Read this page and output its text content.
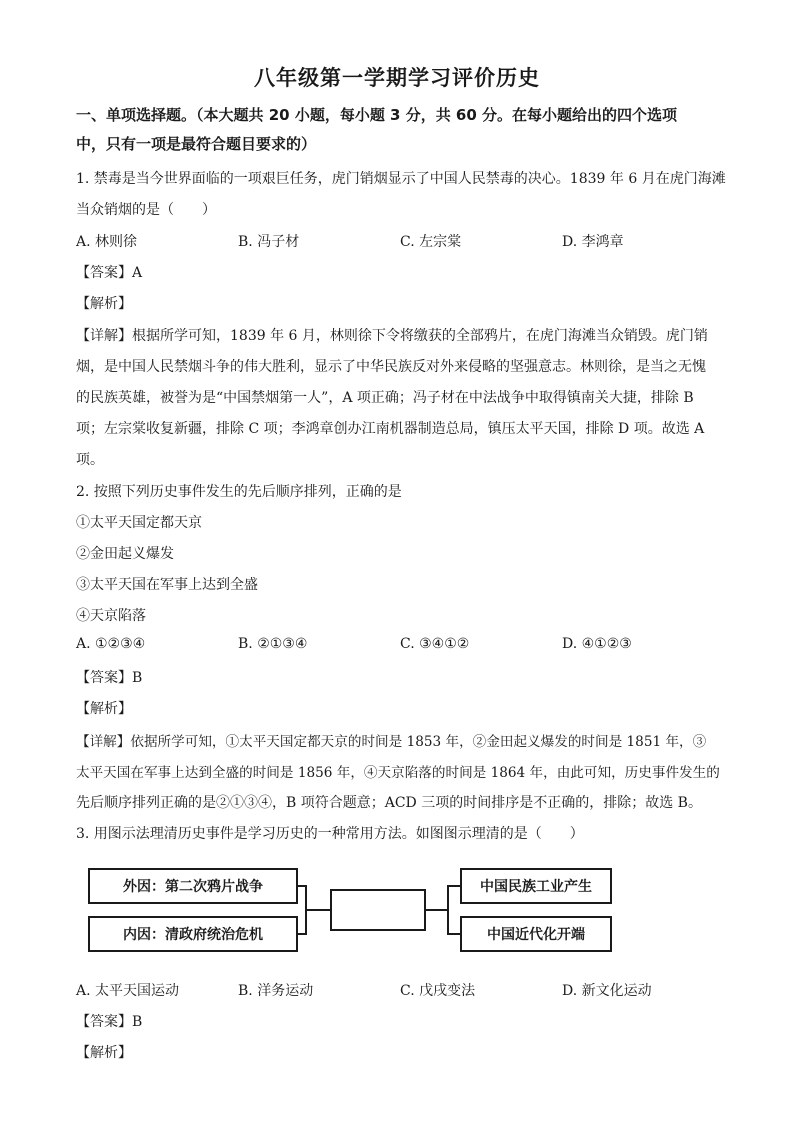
八年级第一学期学习评价历史
一、单项选择题。（本大题共 20 小题，每小题 3 分，共 60 分。在每小题给出的四个选项
中，只有一项是最符合题目要求的）
1. 禁毒是当今世界面临的一项艰巨任务，虎门销烟显示了中国人民禁毒的决心。1839 年 6 月在虎门海滩
当众销烟的是（　　）
A. 林则徐	B. 冯子材	C. 左宗棠	D. 李鸿章
【答案】A
【解析】
【详解】根据所学可知，1839 年 6 月，林则徐下令将缴获的全部鸦片，在虎门海滩当众销毁。虎门销
烟，是中国人民禁烟斗争的伟大胜利，显示了中华民族反对外来侵略的坚强意志。林则徐，是当之无愧
的民族英雄，被誉为是“中国禁烟第一人”，A 项正确；冯子材在中法战争中取得镇南关大捷，排除 B
项；左宗棠收复新疆，排除 C 项；李鸿章创办江南机器制造总局，镇压太平天国，排除 D 项。故选 A
项。
2. 按照下列历史事件发生的先后顺序排列，正确的是
①太平天国定都天京
②金田起义爆发
③太平天国在军事上达到全盛
④天京陷落
A. ①②③④	B. ②①③④	C. ③④①②	D. ④①②③
【答案】B
【解析】
【详解】依据所学可知，①太平天国定都天京的时间是 1853 年，②金田起义爆发的时间是 1851 年，③
太平天国在军事上达到全盛的时间是 1856 年，④天京陷落的时间是 1864 年，由此可知，历史事件发生的
先后顺序排列正确的是②①③④，B 项符合题意；ACD 三项的时间排序是不正确的，排除；故选 B。
3. 用图示法理清历史事件是学习历史的一种常用方法。如图图示理清的是（　　）
外因：第二次鸦片战争
内因：清政府统治危机
中国民族工业产生
中国近代化开端
A. 太平天国运动	B. 洋务运动	C. 戊戌变法	D. 新文化运动
【答案】B
【解析】
